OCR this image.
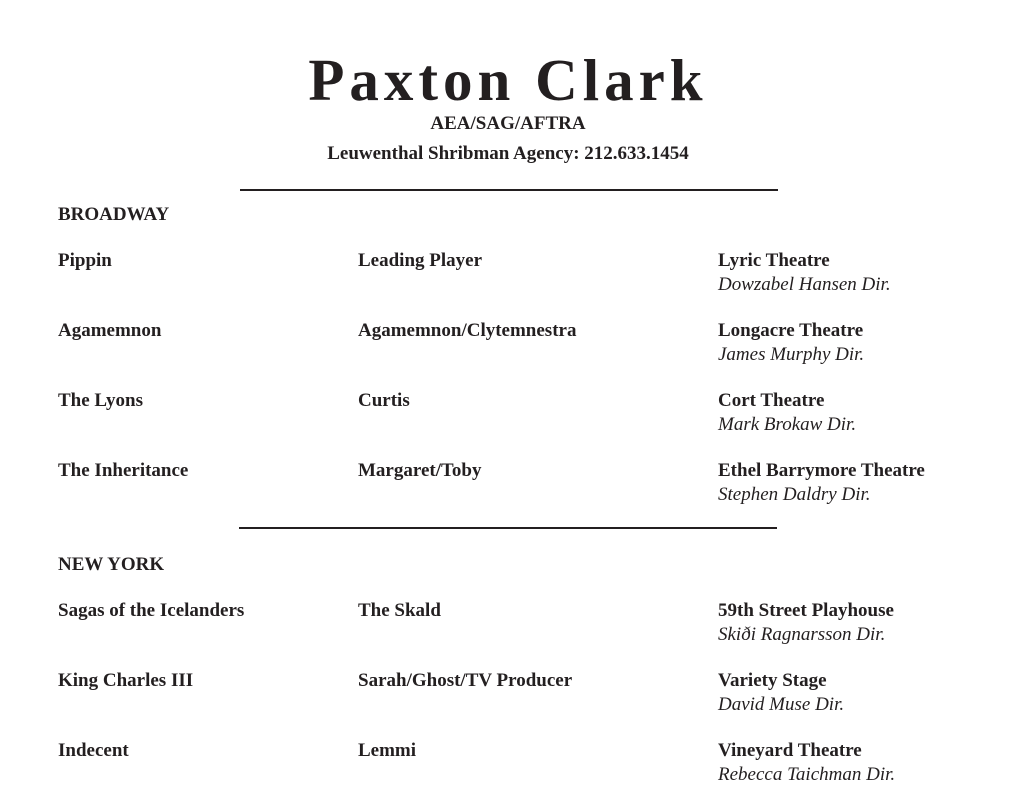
Paxton Clark
AEA/SAG/AFTRA
Leuwenthal Shribman Agency: 212.633.1454
BROADWAY
Pippin	Leading Player	Lyric Theatre
Dowzabel Hansen Dir.
Agamemnon	Agamemnon/Clytemnestra	Longacre Theatre
James Murphy Dir.
The Lyons	Curtis	Cort Theatre
Mark Brokaw Dir.
The Inheritance	Margaret/Toby	Ethel Barrymore Theatre
Stephen Daldry Dir.
NEW YORK
Sagas of the Icelanders	The Skald	59th Street Playhouse
Skiði Ragnarsson Dir.
King Charles III	Sarah/Ghost/TV Producer	Variety Stage
David Muse Dir.
Indecent	Lemmi	Vineyard Theatre
Rebecca Taichman Dir.
